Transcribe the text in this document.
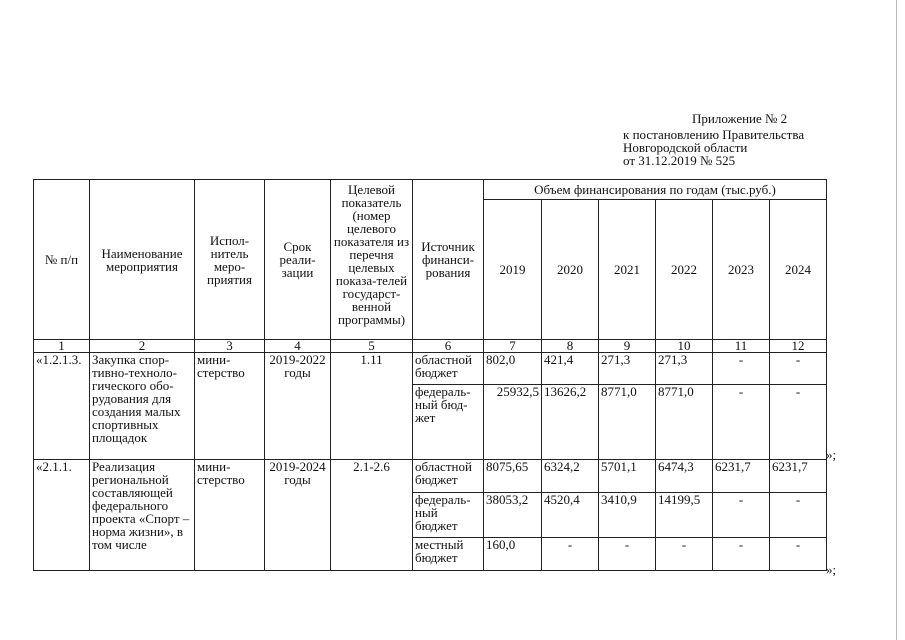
Приложение № 2
к постановлению Правительства
Новгородской области
от 31.12.2019 № 525
№ п/п	Наименование мероприятия	Испол-нитель меро-приятия	Срок реали-зации	Целевой показатель (номер целевого показателя из перечня целевых показа-телей государст-венной программы)	Источник финанси-рования	Объем финансирования по годам (тыс.руб.)					
						2019	2020	2021	2022	2023	2024
1	2	3	4	5	6	7	8	9	10	11	12
«1.2.1.3.	Закупка спор-тивно-техноло-гического обо-рудования для создания малых спортивных площадок	мини-стерство	2019-2022 годы	1.11	областной бюджет	802,0	421,4	271,3	271,3	-	-
					федераль-ный бюд-жет	25932,5	13626,2	8771,0	8771,0	-	-
«2.1.1.	Реализация региональной составляющей федерального проекта «Спорт – норма жизни», в том числе	мини-стерство	2019-2024 годы	2.1-2.6	областной бюджет	8075,65	6324,2	5701,1	6474,3	6231,7	6231,7
					федераль-ный бюджет	38053,2	4520,4	3410,9	14199,5	-	-
					местный бюджет	160,0	-	-	-	-	-
»;
»;
